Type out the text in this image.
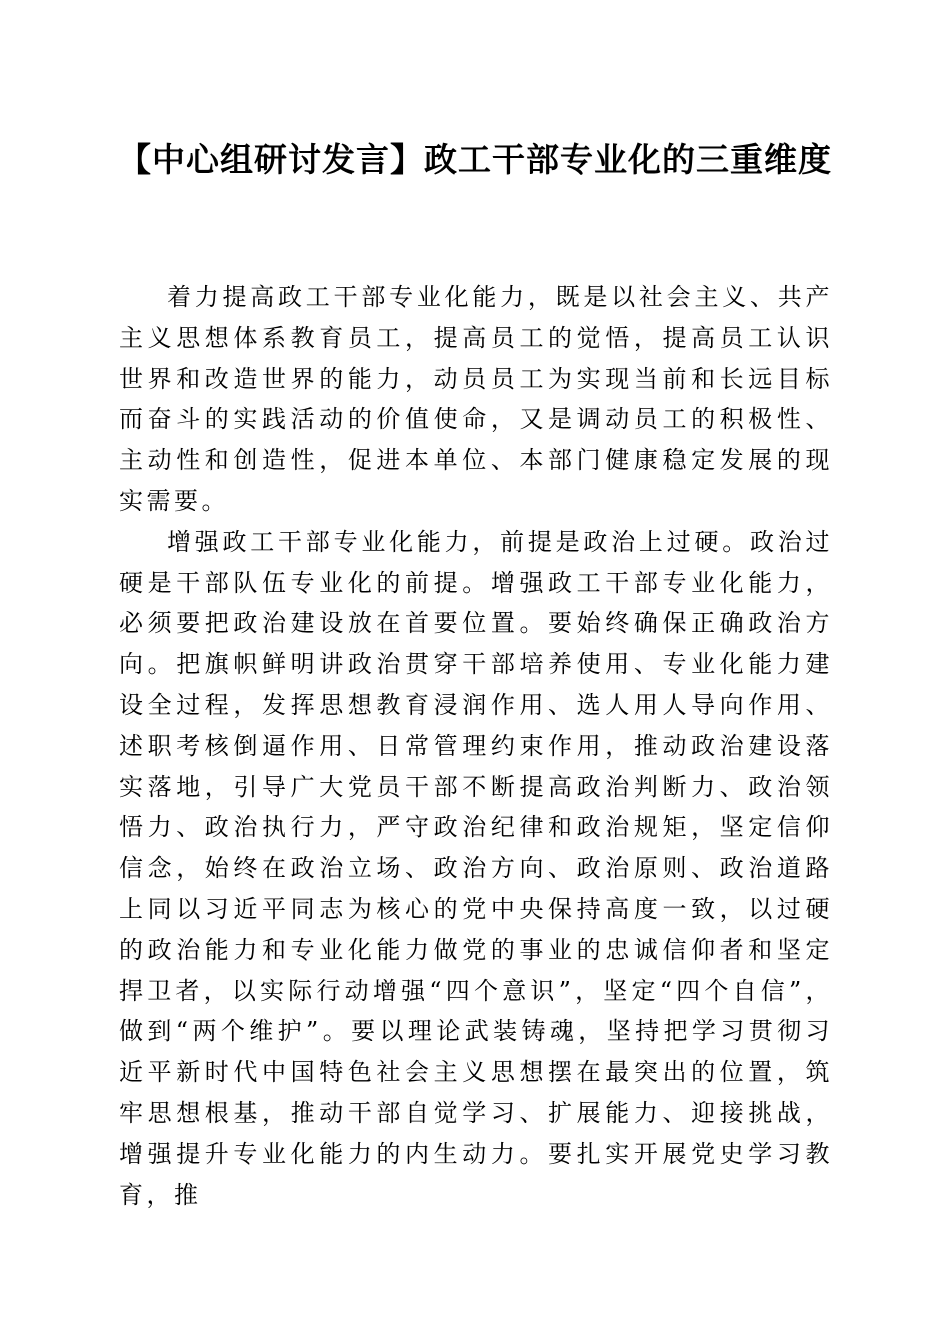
【中心组研讨发言】政工干部专业化的三重维度

着力提高政工干部专业化能力，既是以社会主义、共产主义思想体系教育员工，提高员工的觉悟，提高员工认识世界和改造世界的能力，动员员工为实现当前和长远目标而奋斗的实践活动的价值使命，又是调动员工的积极性、主动性和创造性，促进本单位、本部门健康稳定发展的现实需要。

增强政工干部专业化能力，前提是政治上过硬。政治过硬是干部队伍专业化的前提。增强政工干部专业化能力，必须要把政治建设放在首要位置。要始终确保正确政治方向。把旗帜鲜明讲政治贯穿干部培养使用、专业化能力建设全过程，发挥思想教育浸润作用、选人用人导向作用、述职考核倒逼作用、日常管理约束作用，推动政治建设落实落地，引导广大党员干部不断提高政治判断力、政治领悟力、政治执行力，严守政治纪律和政治规矩，坚定信仰信念，始终在政治立场、政治方向、政治原则、政治道路上同以习近平同志为核心的党中央保持高度一致，以过硬的政治能力和专业化能力做党的事业的忠诚信仰者和坚定捍卫者，以实际行动增强“四个意识”，坚定“四个自信”，做到“两个维护”。要以理论武装铸魂，坚持把学习贯彻习近平新时代中国特色社会主义思想摆在最突出的位置，筑牢思想根基，推动干部自觉学习、扩展能力、迎接挑战，增强提升专业化能力的内生动力。要扎实开展党史学习教育，推
